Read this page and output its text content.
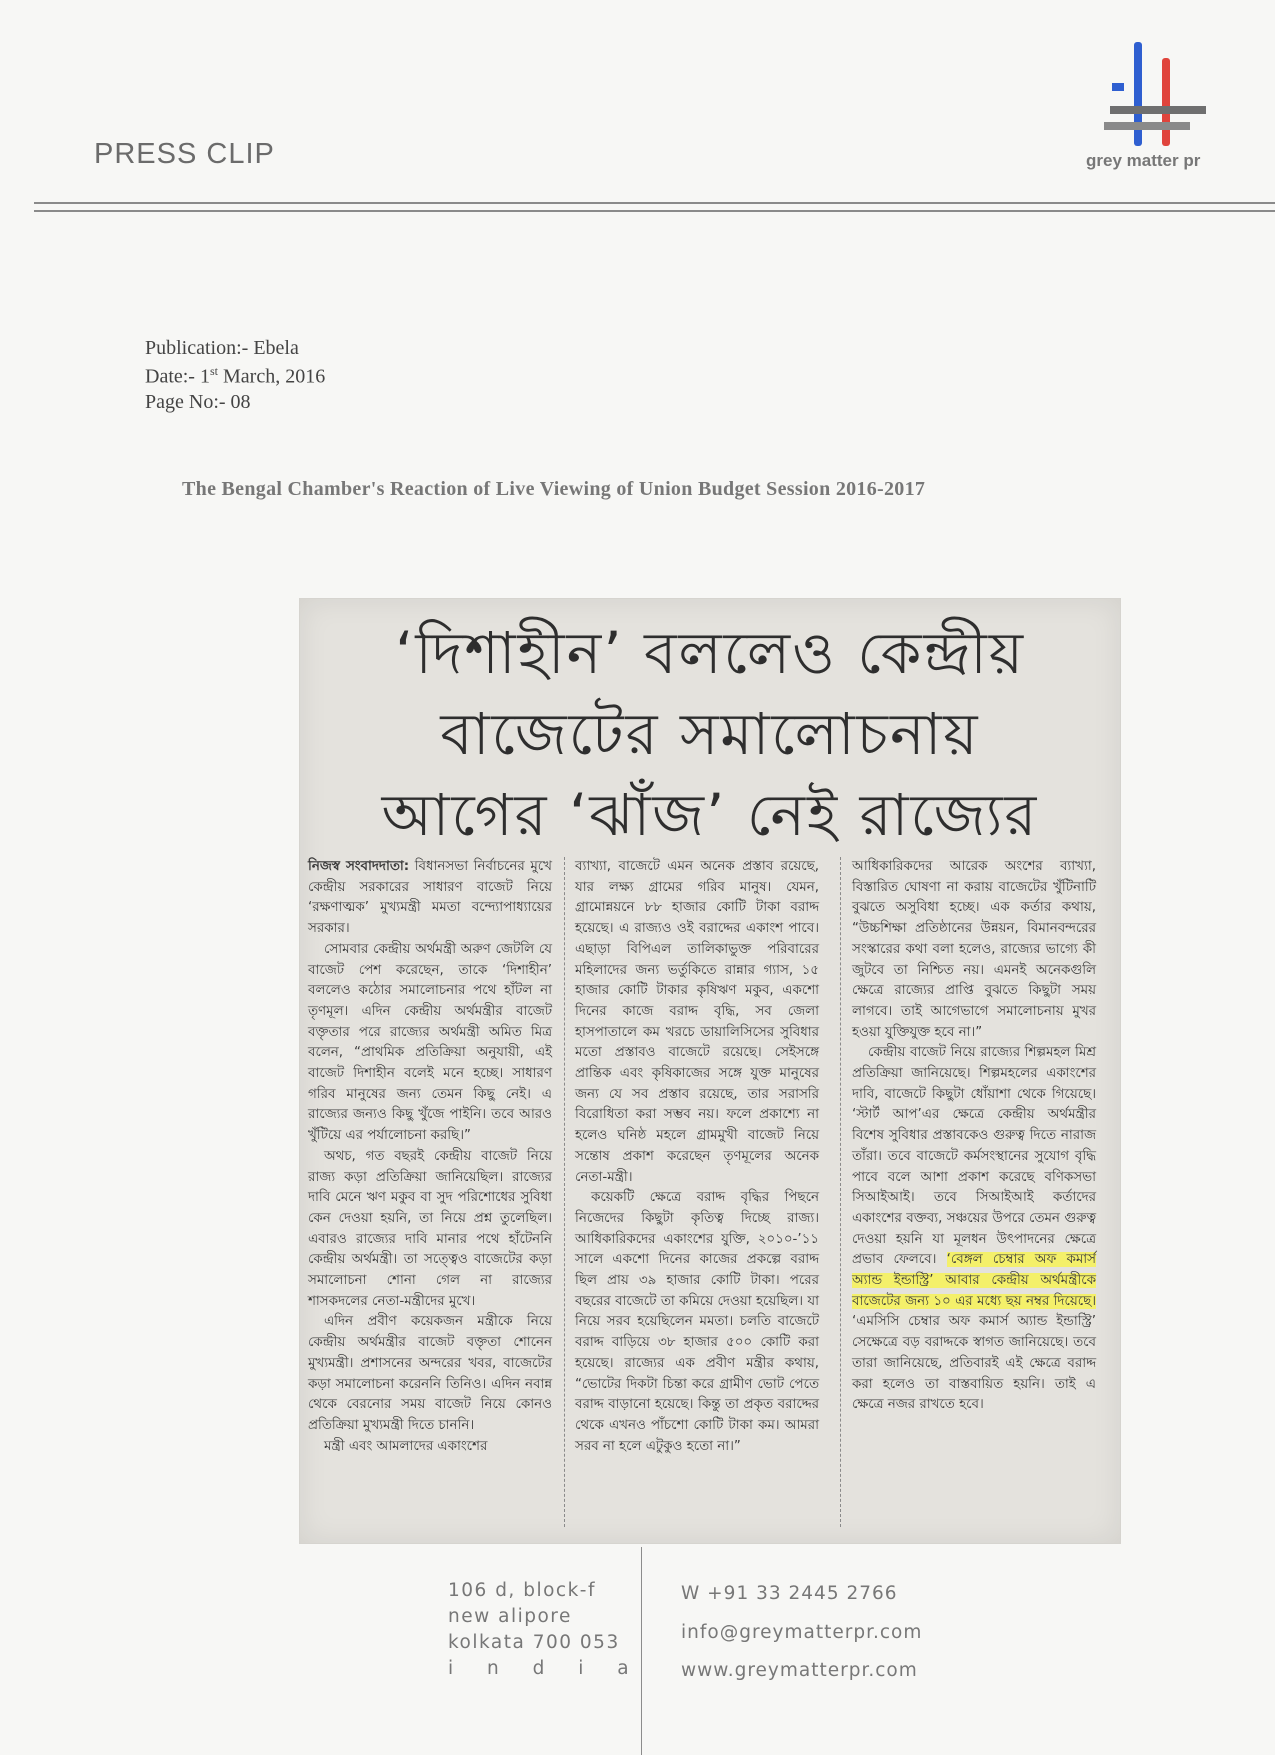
PRESS CLIP	grey matter pr
Publication:- Ebela
Date:- 1st March, 2016
Page No:- 08
The Bengal Chamber's Reaction of Live Viewing of Union Budget Session 2016-2017
‘দিশাহীন’ বললেও কেন্দ্রীয়
বাজেটের সমালোচনায়
আগের ‘ঝাঁজ’ নেই রাজ্যের

নিজস্ব সংবাদদাতা: বিধানসভা নির্বাচনের মুখে কেন্দ্রীয় সরকারের সাধারণ বাজেট নিয়ে ‘রক্ষণাত্মক’ মুখ্যমন্ত্রী মমতা বন্দ্যোপাধ্যায়ের সরকার।

সোমবার কেন্দ্রীয় অর্থমন্ত্রী অরুণ জেটলি যে বাজেট পেশ করেছেন, তাকে ‘দিশাহীন’ বললেও কঠোর সমালোচনার পথে হাঁটল না তৃণমূল। এদিন কেন্দ্রীয় অর্থমন্ত্রীর বাজেট বক্তৃতার পরে রাজ্যের অর্থমন্ত্রী অমিত মিত্র বলেন, “প্রাথমিক প্রতিক্রিয়া অনুযায়ী, এই বাজেট দিশাহীন বলেই মনে হচ্ছে। সাধারণ গরিব মানুষের জন্য তেমন কিছু নেই। এ রাজ্যের জন্যও কিছু খুঁজে পাইনি। তবে আরও খুঁটিয়ে এর পর্যালোচনা করছি।”

অথচ, গত বছরই কেন্দ্রীয় বাজেট নিয়ে রাজ্য কড়া প্রতিক্রিয়া জানিয়েছিল। রাজ্যের দাবি মেনে ঋণ মকুব বা সুদ পরিশোধের সুবিধা কেন দেওয়া হয়নি, তা নিয়ে প্রশ্ন তুলেছিল। এবারও রাজ্যের দাবি মানার পথে হাঁটেননি কেন্দ্রীয় অর্থমন্ত্রী। তা সত্ত্বেও বাজেটের কড়া সমালোচনা শোনা গেল না রাজ্যের শাসকদলের নেতা-মন্ত্রীদের মুখে।

এদিন প্রবীণ কয়েকজন মন্ত্রীকে নিয়ে কেন্দ্রীয় অর্থমন্ত্রীর বাজেট বক্তৃতা শোনেন মুখ্যমন্ত্রী। প্রশাসনের অন্দরের খবর, বাজেটের কড়া সমালোচনা করেননি তিনিও। এদিন নবান্ন থেকে বেরনোর সময় বাজেট নিয়ে কোনও প্রতিক্রিয়া মুখ্যমন্ত্রী দিতে চাননি।

মন্ত্রী এবং আমলাদের একাংশের

ব্যাখ্যা, বাজেটে এমন অনেক প্রস্তাব রয়েছে, যার লক্ষ্য গ্রামের গরিব মানুষ। যেমন, গ্রামোন্নয়নে ৮৮ হাজার কোটি টাকা বরাদ্দ হয়েছে। এ রাজ্যও ওই বরাদ্দের একাংশ পাবে। এছাড়া বিপিএল তালিকাভুক্ত পরিবারের মহিলাদের জন্য ভর্তুকিতে রান্নার গ্যাস, ১৫ হাজার কোটি টাকার কৃষিঋণ মকুব, একশো দিনের কাজে বরাদ্দ বৃদ্ধি, সব জেলা হাসপাতালে কম খরচে ডায়ালিসিসের সুবিধার মতো প্রস্তাবও বাজেটে রয়েছে। সেইসঙ্গে প্রান্তিক এবং কৃষিকাজের সঙ্গে যুক্ত মানুষের জন্য যে সব প্রস্তাব রয়েছে, তার সরাসরি বিরোধিতা করা সম্ভব নয়। ফলে প্রকাশ্যে না হলেও ঘনিষ্ঠ মহলে গ্রামমুখী বাজেট নিয়ে সন্তোষ প্রকাশ করেছেন তৃণমূলের অনেক নেতা-মন্ত্রী।

কয়েকটি ক্ষেত্রে বরাদ্দ বৃদ্ধির পিছনে নিজেদের কিছুটা কৃতিত্ব দিচ্ছে রাজ্য। আধিকারিকদের একাংশের যুক্তি, ২০১০-’১১ সালে একশো দিনের কাজের প্রকল্পে বরাদ্দ ছিল প্রায় ৩৯ হাজার কোটি টাকা। পরের বছরের বাজেটে তা কমিয়ে দেওয়া হয়েছিল। যা নিয়ে সরব হয়েছিলেন মমতা। চলতি বাজেটে বরাদ্দ বাড়িয়ে ৩৮ হাজার ৫০০ কোটি করা হয়েছে। রাজ্যের এক প্রবীণ মন্ত্রীর কথায়, “ভোটের দিকটা চিন্তা করে গ্রামীণ ভোট পেতে বরাদ্দ বাড়ানো হয়েছে। কিন্তু তা প্রকৃত বরাদ্দের থেকে এখনও পাঁচশো কোটি টাকা কম। আমরা সরব না হলে এটুকুও হতো না।”

আধিকারিকদের আরেক অংশের ব্যাখ্যা, বিস্তারিত ঘোষণা না করায় বাজেটের খুঁটিনাটি বুঝতে অসুবিধা হচ্ছে। এক কর্তার কথায়, “উচ্চশিক্ষা প্রতিষ্ঠানের উন্নয়ন, বিমানবন্দরের সংস্কারের কথা বলা হলেও, রাজ্যের ভাগ্যে কী জুটবে তা নিশ্চিত নয়। এমনই অনেকগুলি ক্ষেত্রে রাজ্যের প্রাপ্তি বুঝতে কিছুটা সময় লাগবে। তাই আগেভাগে সমালোচনায় মুখর হওয়া যুক্তিযুক্ত হবে না।”

কেন্দ্রীয় বাজেট নিয়ে রাজ্যের শিল্পমহল মিশ্র প্রতিক্রিয়া জানিয়েছে। শিল্পমহলের একাংশের দাবি, বাজেটে কিছুটা ধোঁয়াশা থেকে গিয়েছে। ‘স্টার্ট আপ’এর ক্ষেত্রে কেন্দ্রীয় অর্থমন্ত্রীর বিশেষ সুবিধার প্রস্তাবকেও গুরুত্ব দিতে নারাজ তাঁরা। তবে বাজেটে কর্মসংস্থানের সুযোগ বৃদ্ধি পাবে বলে আশা প্রকাশ করেছে বণিকসভা সিআইআই। তবে সিআইআই কর্তাদের একাংশের বক্তব্য, সঞ্চয়ের উপরে তেমন গুরুত্ব দেওয়া হয়নি যা মূলধন উৎপাদনের ক্ষেত্রে প্রভাব ফেলবে। ‘বেঙ্গল চেম্বার অফ কমার্স অ্যান্ড ইন্ডাস্ট্রি’ আবার কেন্দ্রীয় অর্থমন্ত্রীকে বাজেটের জন্য ১০ এর মধ্যে ছয় নম্বর দিয়েছে। ‘এমসিসি চেম্বার অফ কমার্স অ্যান্ড ইন্ডাস্ট্রি’ সেক্ষেত্রে বড় বরাদ্দকে স্বাগত জানিয়েছে। তবে তারা জানিয়েছে, প্রতিবারই এই ক্ষেত্রে বরাদ্দ করা হলেও তা বাস্তবায়িত হয়নি। তাই এ ক্ষেত্রে নজর রাখতে হবে।

106 d, block-f
new alipore
kolkata 700 053
i n d i a
W +91 33 2445 2766
info@greymatterpr.com
www.greymatterpr.com
